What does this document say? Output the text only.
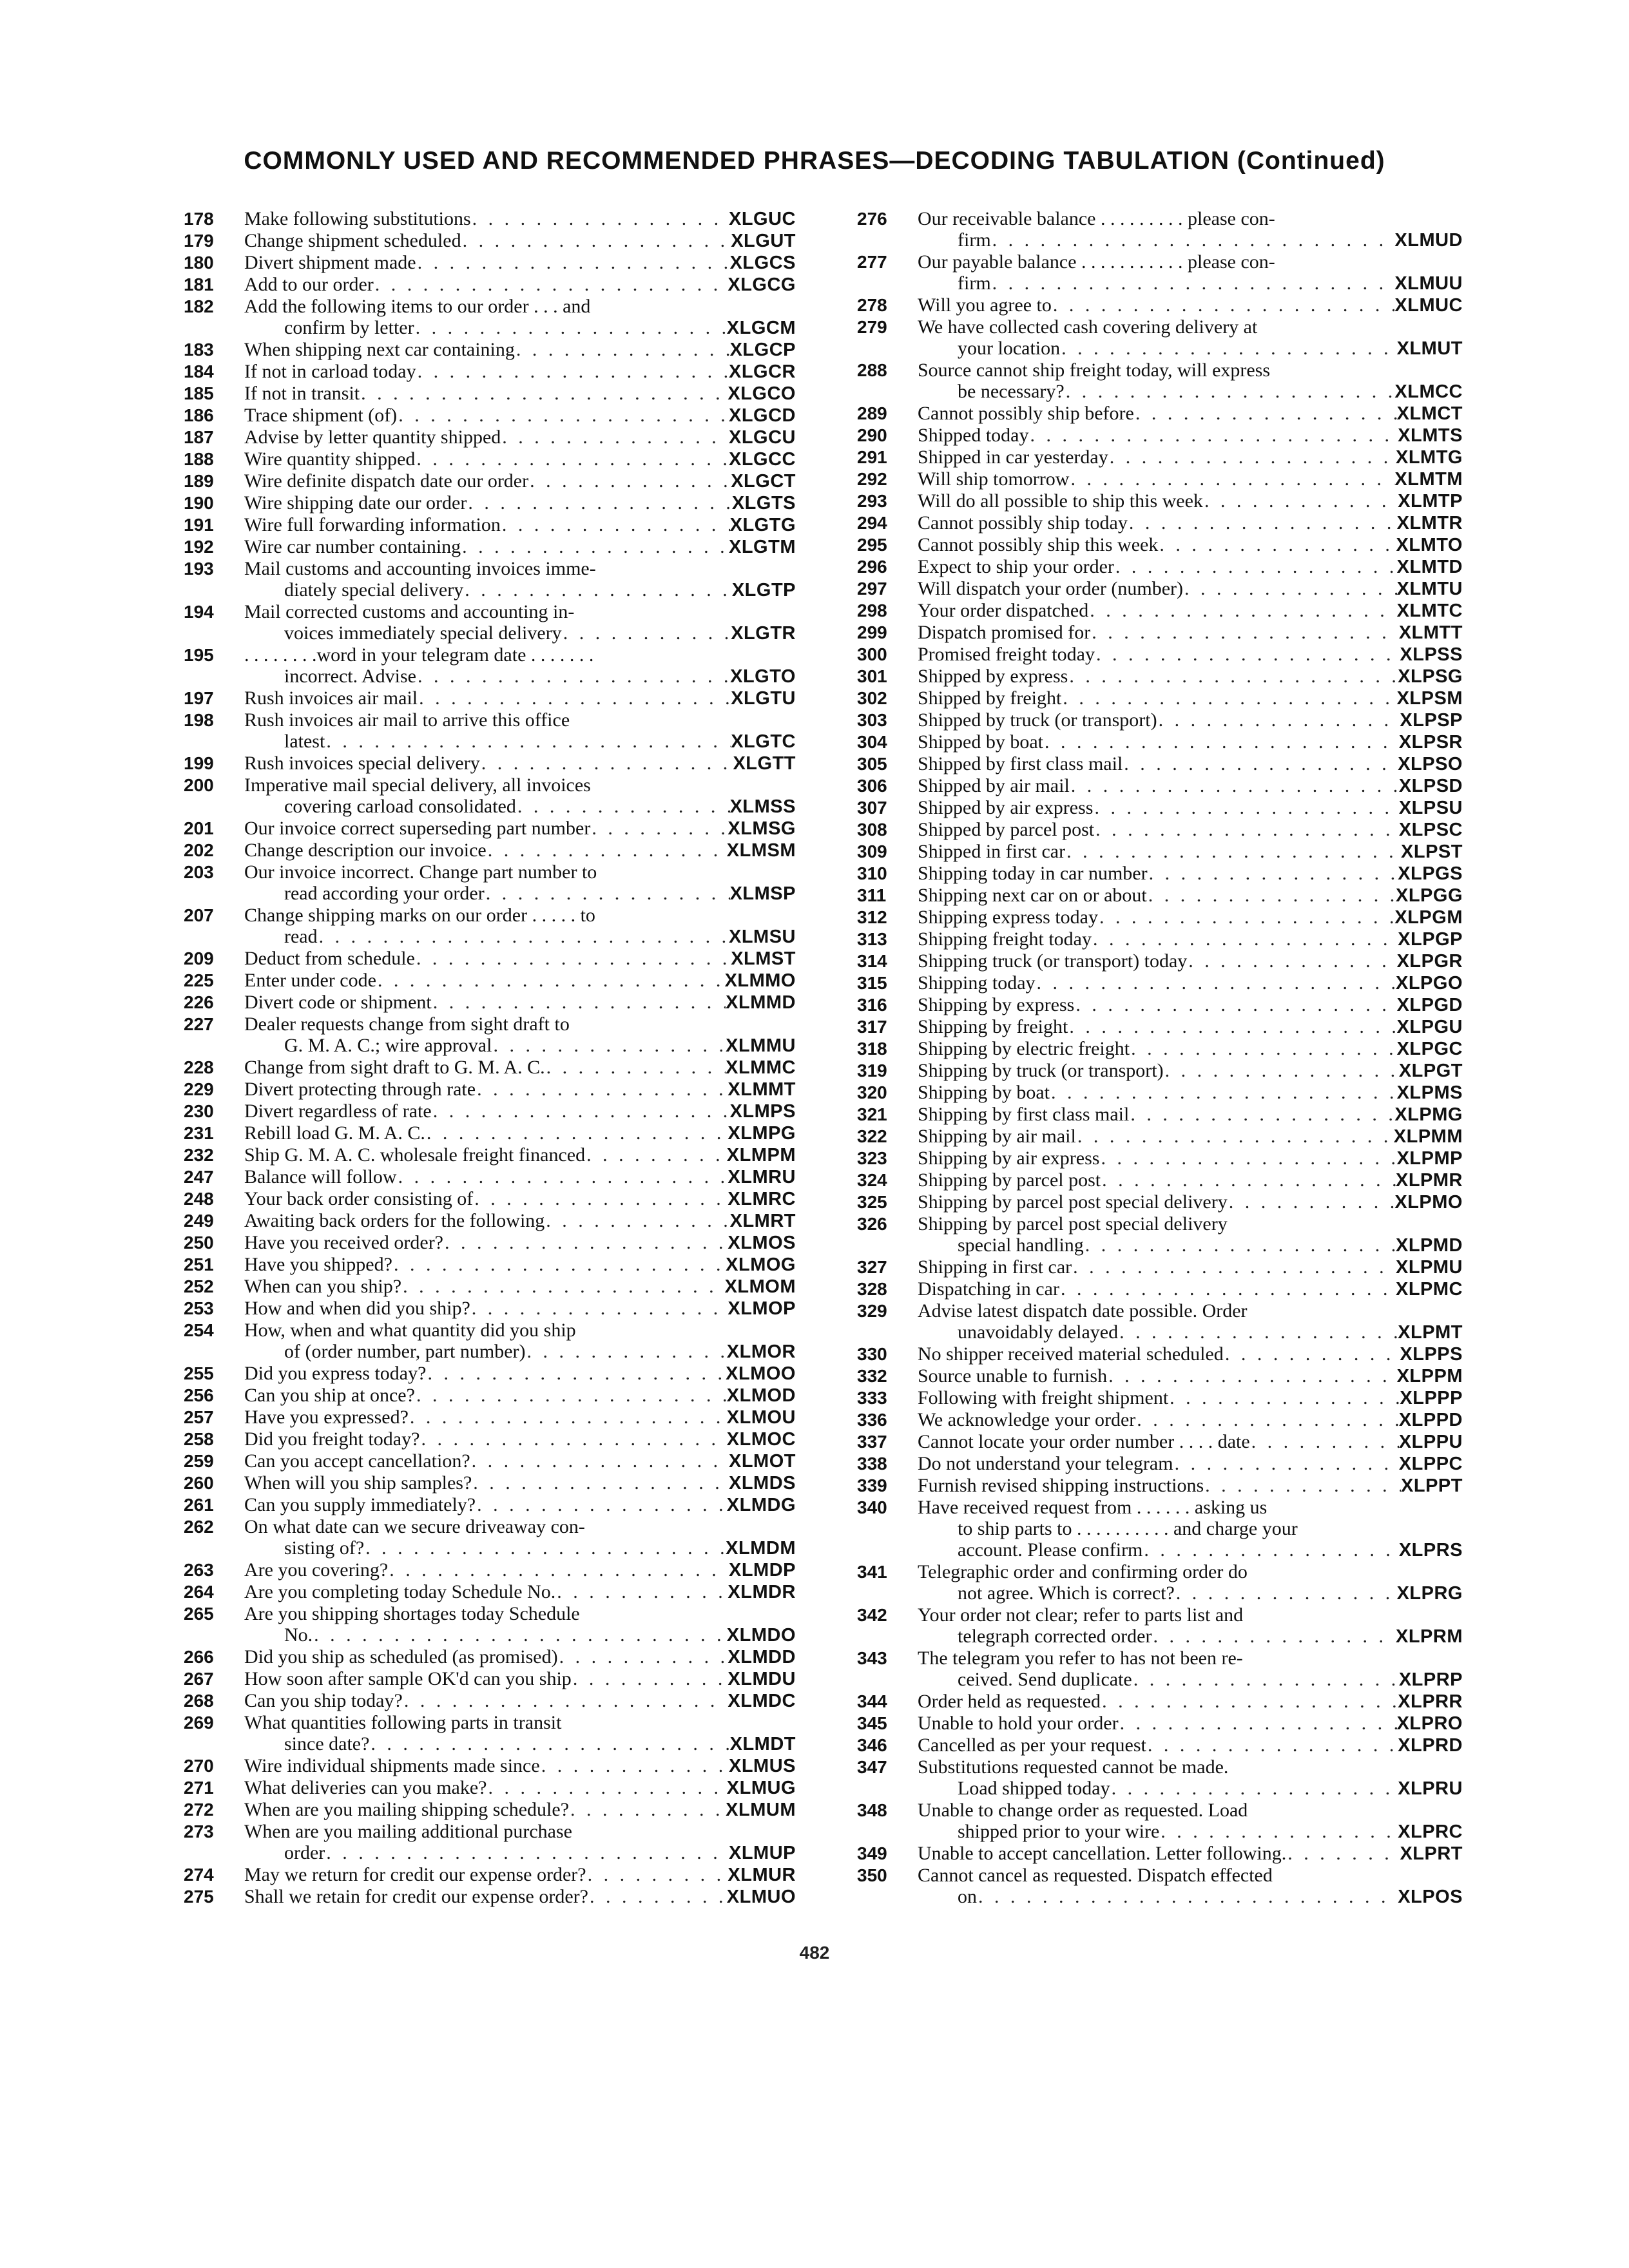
COMMONLY USED AND RECOMMENDED PHRASES—DECODING TABULATION (Continued)
178	Make following substitutions . . .	XLGUC
179	Change shipment scheduled . . .	XLGUT
180	Divert shipment made . . .	XLGCS
181	Add to our order . . .	XLGCG
182	Add the following items to our order . . . and
confirm by letter . . .	XLGCM
183	When shipping next car containing . . .	XLGCP
184	If not in carload today . . .	XLGCR
185	If not in transit . . .	XLGCO
186	Trace shipment (of) . . .	XLGCD
187	Advise by letter quantity shipped . . .	XLGCU
188	Wire quantity shipped . . .	XLGCC
189	Wire definite dispatch date our order . . .	XLGCT
190	Wire shipping date our order . . .	XLGTS
191	Wire full forwarding information . . .	XLGTG
192	Wire car number containing . . .	XLGTM
193	Mail customs and accounting invoices imme-
diately special delivery . . .	XLGTP
194	Mail corrected customs and accounting in-
voices immediately special delivery . . .	XLGTR
195	. . . . . . . .word in your telegram date . . . . . . .
incorrect. Advise . . .	XLGTO
197	Rush invoices air mail . . .	XLGTU
198	Rush invoices air mail to arrive this office
latest . . .	XLGTC
199	Rush invoices special delivery . . .	XLGTT
200	Imperative mail special delivery, all invoices
covering carload consolidated . . .	XLMSS
201	Our invoice correct superseding part number . . .	XLMSG
202	Change description our invoice . . .	XLMSM
203	Our invoice incorrect. Change part number to
read according your order . . .	XLMSP
207	Change shipping marks on our order . . . . . to
read . . .	XLMSU
209	Deduct from schedule . . .	XLMST
225	Enter under code . . .	XLMMO
226	Divert code or shipment . . .	XLMMD
227	Dealer requests change from sight draft to
G. M. A. C.; wire approval . . .	XLMMU
228	Change from sight draft to G. M. A. C. . . .	XLMMC
229	Divert protecting through rate . . .	XLMMT
230	Divert regardless of rate . . .	XLMPS
231	Rebill load G. M. A. C. . . .	XLMPG
232	Ship G. M. A. C. wholesale freight financed . . .	XLMPM
247	Balance will follow . . .	XLMRU
248	Your back order consisting of . . .	XLMRC
249	Awaiting back orders for the following . . .	XLMRT
250	Have you received order? . . .	XLMOS
251	Have you shipped? . . .	XLMOG
252	When can you ship? . . .	XLMOM
253	How and when did you ship? . . .	XLMOP
254	How, when and what quantity did you ship
of (order number, part number) . . .	XLMOR
255	Did you express today? . . .	XLMOO
256	Can you ship at once? . . .	XLMOD
257	Have you expressed? . . .	XLMOU
258	Did you freight today? . . .	XLMOC
259	Can you accept cancellation? . . .	XLMOT
260	When will you ship samples? . . .	XLMDS
261	Can you supply immediately? . . .	XLMDG
262	On what date can we secure driveaway con-
sisting of? . . .	XLMDM
263	Are you covering? . . .	XLMDP
264	Are you completing today Schedule No. . . .	XLMDR
265	Are you shipping shortages today Schedule
No. . . .	XLMDO
266	Did you ship as scheduled (as promised) . . .	XLMDD
267	How soon after sample OK'd can you ship . . .	XLMDU
268	Can you ship today? . . .	XLMDC
269	What quantities following parts in transit
since date? . . .	XLMDT
270	Wire individual shipments made since . . .	XLMUS
271	What deliveries can you make? . . .	XLMUG
272	When are you mailing shipping schedule? . . .	XLMUM
273	When are you mailing additional purchase
order . . .	XLMUP
274	May we return for credit our expense order? . . .	XLMUR
275	Shall we retain for credit our expense order? . . .	XLMUO
276	Our receivable balance . . . . . . . . . please con-
firm . . .	XLMUD
277	Our payable balance . . . . . . . . . . . please con-
firm . . .	XLMUU
278	Will you agree to . . .	XLMUC
279	We have collected cash covering delivery at
your location . . .	XLMUT
288	Source cannot ship freight today, will express
be necessary? . . .	XLMCC
289	Cannot possibly ship before . . .	XLMCT
290	Shipped today . . .	XLMTS
291	Shipped in car yesterday . . .	XLMTG
292	Will ship tomorrow . . .	XLMTM
293	Will do all possible to ship this week . . .	XLMTP
294	Cannot possibly ship today . . .	XLMTR
295	Cannot possibly ship this week . . .	XLMTO
296	Expect to ship your order . . .	XLMTD
297	Will dispatch your order (number) . . .	XLMTU
298	Your order dispatched . . .	XLMTC
299	Dispatch promised for . . .	XLMTT
300	Promised freight today . . .	XLPSS
301	Shipped by express . . .	XLPSG
302	Shipped by freight . . .	XLPSM
303	Shipped by truck (or transport) . . .	XLPSP
304	Shipped by boat . . .	XLPSR
305	Shipped by first class mail . . .	XLPSO
306	Shipped by air mail . . .	XLPSD
307	Shipped by air express . . .	XLPSU
308	Shipped by parcel post . . .	XLPSC
309	Shipped in first car . . .	XLPST
310	Shipping today in car number . . .	XLPGS
311	Shipping next car on or about . . .	XLPGG
312	Shipping express today . . .	XLPGM
313	Shipping freight today . . .	XLPGP
314	Shipping truck (or transport) today . . .	XLPGR
315	Shipping today . . .	XLPGO
316	Shipping by express . . .	XLPGD
317	Shipping by freight . . .	XLPGU
318	Shipping by electric freight . . .	XLPGC
319	Shipping by truck (or transport) . . .	XLPGT
320	Shipping by boat . . .	XLPMS
321	Shipping by first class mail . . .	XLPMG
322	Shipping by air mail . . .	XLPMM
323	Shipping by air express . . .	XLPMP
324	Shipping by parcel post . . .	XLPMR
325	Shipping by parcel post special delivery . . .	XLPMO
326	Shipping by parcel post special delivery
special handling . . .	XLPMD
327	Shipping in first car . . .	XLPMU
328	Dispatching in car . . .	XLPMC
329	Advise latest dispatch date possible. Order
unavoidably delayed . . .	XLPMT
330	No shipper received material scheduled . . .	XLPPS
332	Source unable to furnish . . .	XLPPM
333	Following with freight shipment . . .	XLPPP
336	We acknowledge your order . . .	XLPPD
337	Cannot locate your order number . . . . date . . .	XLPPU
338	Do not understand your telegram . . .	XLPPC
339	Furnish revised shipping instructions . . .	XLPPT
340	Have received request from . . . . . . asking us
to ship parts to . . . . . . . . . . and charge your
account. Please confirm . . .	XLPRS
341	Telegraphic order and confirming order do
not agree. Which is correct? . . .	XLPRG
342	Your order not clear; refer to parts list and
telegraph corrected order . . .	XLPRM
343	The telegram you refer to has not been re-
ceived. Send duplicate . . .	XLPRP
344	Order held as requested . . .	XLPRR
345	Unable to hold your order . . .	XLPRO
346	Cancelled as per your request . . .	XLPRD
347	Substitutions requested cannot be made.
Load shipped today . . .	XLPRU
348	Unable to change order as requested. Load
shipped prior to your wire . . .	XLPRC
349	Unable to accept cancellation. Letter following. . . .	XLPRT
350	Cannot cancel as requested. Dispatch effected
on . . .	XLPOS
482
